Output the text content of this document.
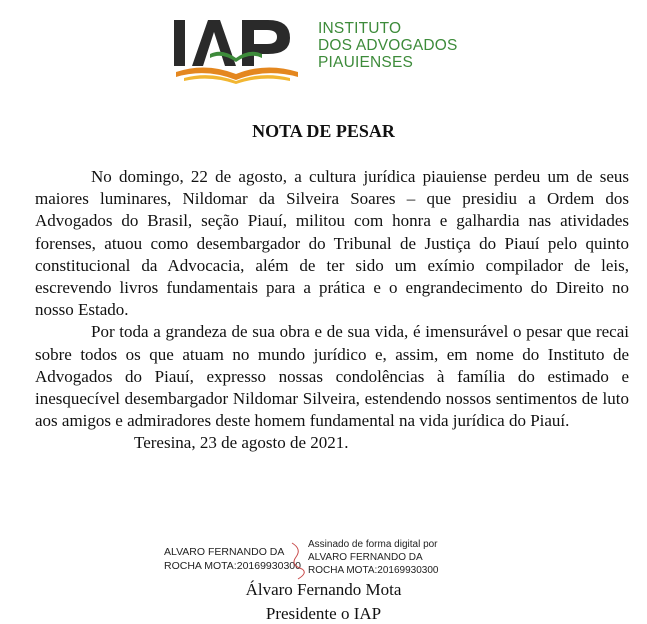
INSTITUTO
DOS ADVOGADOS
PIAUIENSES
NOTA DE PESAR

No domingo, 22 de agosto, a cultura jurídica piauiense perdeu um de seus maiores luminares, Nildomar da Silveira Soares – que presidiu a Ordem dos Advogados do Brasil, seção Piauí, militou com honra e galhardia nas atividades forenses, atuou como desembargador do Tribunal de Justiça do Piauí pelo quinto constitucional da Advocacia, além de ter sido um exímio compilador de leis, escrevendo livros fundamentais para a prática e o engrandecimento do Direito no nosso Estado.

Por toda a grandeza de sua obra e de sua vida, é imensurável o pesar que recai sobre todos os que atuam no mundo jurídico e, assim, em nome do Instituto de Advogados do Piauí, expresso nossas condolências à família do estimado e inesquecível desembargador Nildomar Silveira, estendendo nossos sentimentos de luto aos amigos e admiradores deste homem fundamental na vida jurídica do Piauí.

Teresina, 23 de agosto de 2021.

ALVARO FERNANDO DA
ROCHA MOTA:20169930300
Assinado de forma digital por
ALVARO FERNANDO DA
ROCHA MOTA:20169930300
Álvaro Fernando Mota
Presidente o IAP
